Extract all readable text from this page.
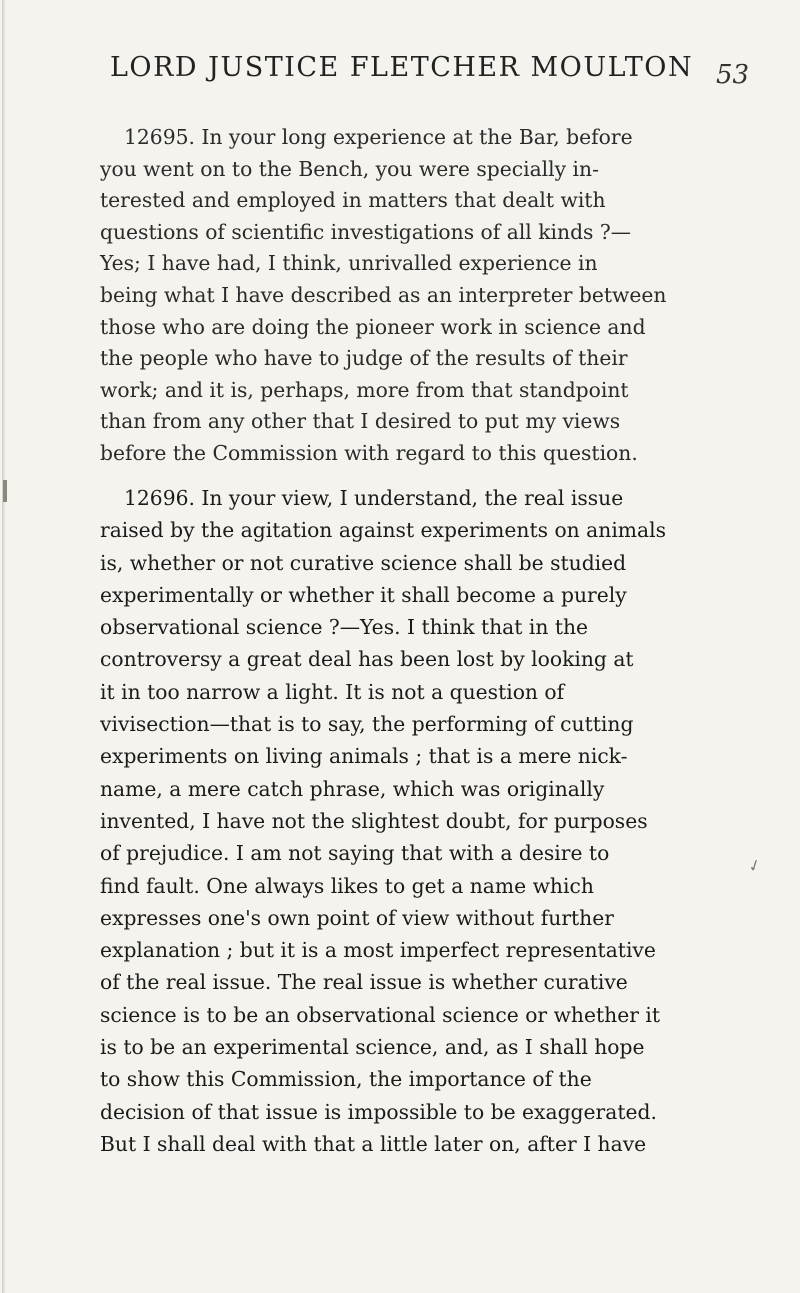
LORD JUSTICE FLETCHER MOULTON 53
12695. In your long experience at the Bar, before
you went on to the Bench, you were specially in-
terested and employed in matters that dealt with
questions of scientific investigations of all kinds ?—
Yes; I have had, I think, unrivalled experience in
being what I have described as an interpreter between
those who are doing the pioneer work in science and
the people who have to judge of the results of their
work; and it is, perhaps, more from that standpoint
than from any other that I desired to put my views
before the Commission with regard to this question.
12696. In your view, I understand, the real issue
raised by the agitation against experiments on animals
is, whether or not curative science shall be studied
experimentally or whether it shall become a purely
observational science ?—Yes. I think that in the
controversy a great deal has been lost by looking at
it in too narrow a light. It is not a question of
vivisection—that is to say, the performing of cutting
experiments on living animals ; that is a mere nick-
name, a mere catch phrase, which was originally
invented, I have not the slightest doubt, for purposes
of prejudice. I am not saying that with a desire to
find fault. One always likes to get a name which
expresses one's own point of view without further
explanation ; but it is a most imperfect representative
of the real issue. The real issue is whether curative
science is to be an observational science or whether it
is to be an experimental science, and, as I shall hope
to show this Commission, the importance of the
decision of that issue is impossible to be exaggerated.
But I shall deal with that a little later on, after I have
✓
